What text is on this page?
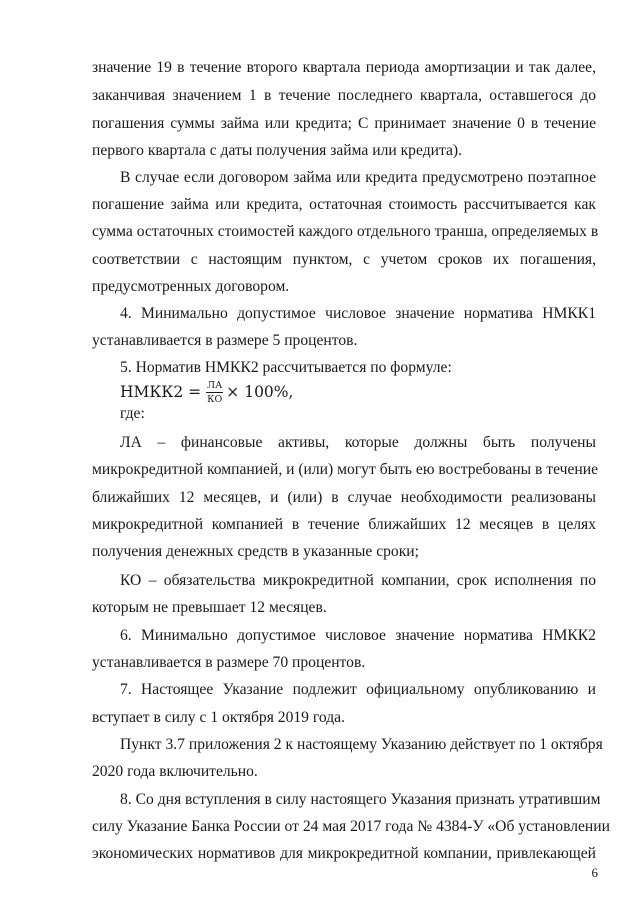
значение 19 в течение второго квартала периода амортизации и так далее,
заканчивая значением 1 в течение последнего квартала, оставшегося до
погашения суммы займа или кредита; С принимает значение 0 в течение
первого квартала с даты получения займа или кредита).
В случае если договором займа или кредита предусмотрено поэтапное
погашение займа или кредита, остаточная стоимость рассчитывается как
сумма остаточных стоимостей каждого отдельного транша, определяемых в
соответствии с настоящим пунктом, с учетом сроков их погашения,
предусмотренных договором.
4. Минимально допустимое числовое значение норматива НМКК1
устанавливается в размере 5 процентов.
5. Норматив НМКК2 рассчитывается по формуле:
НМКК2 = $\frac{ЛА}{КО} \times 100\%$,
где:
ЛА – финансовые активы, которые должны быть получены
микрокредитной компанией, и (или) могут быть ею востребованы в течение
ближайших 12 месяцев, и (или) в случае необходимости реализованы
микрокредитной компанией в течение ближайших 12 месяцев в целях
получения денежных средств в указанные сроки;
КО – обязательства микрокредитной компании, срок исполнения по
которым не превышает 12 месяцев.
6. Минимально допустимое числовое значение норматива НМКК2
устанавливается в размере 70 процентов.
7. Настоящее Указание подлежит официальному опубликованию и
вступает в силу с 1 октября 2019 года.
Пункт 3.7 приложения 2 к настоящему Указанию действует по 1 октября
2020 года включительно.
8. Со дня вступления в силу настоящего Указания признать утратившим
силу Указание Банка России от 24 мая 2017 года № 4384-У «Об установлении
экономических нормативов для микрокредитной компании, привлекающей
6
